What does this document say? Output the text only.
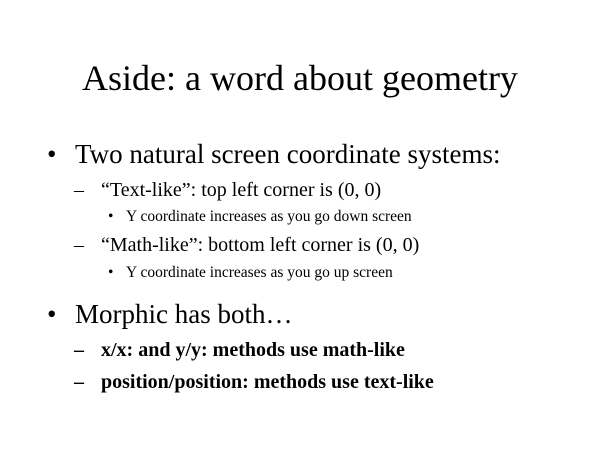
Aside: a word about geometry
• Two natural screen coordinate systems:
– “Text-like”: top left corner is (0, 0)
• Y coordinate increases as you go down screen
– “Math-like”: bottom left corner is (0, 0)
• Y coordinate increases as you go up screen
• Morphic has both…
– x/x: and y/y: methods use math-like
– position/position: methods use text-like
